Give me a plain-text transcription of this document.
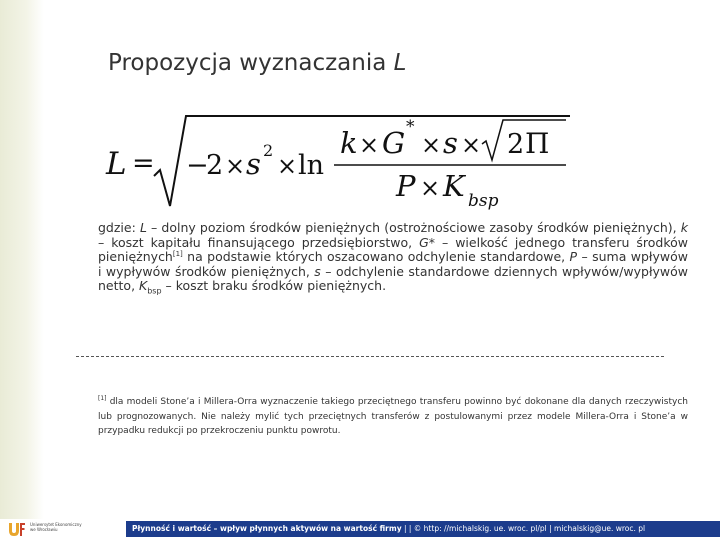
Propozycja wyznaczania L
L = −
2 × s 2
× ln
k × G *
× s × 2 Π
P × K bsp
gdzie: L – dolny poziom środków pieniężnych (ostrożnościowe zasoby środków pieniężnych), k – koszt kapitału finansującego przedsiębiorstwo, G* – wielkość jednego transferu środków pieniężnych[1] na podstawie których oszacowano odchylenie standardowe, P – suma wpływów i wypływów środków pieniężnych, s – odchylenie standardowe dziennych wpływów/wypływów netto, $K_{bsp}$ – koszt braku środków pieniężnych.
[1] dla modeli Stone’a i Millera-Orra wyznaczenie takiego przeciętnego transferu powinno być dokonane dla danych rzeczywistych lub prognozowanych. Nie należy mylić tych przeciętnych transferów z postulowanymi przez modele Millera-Orra i Stone’a w przypadku redukcji po przekroczeniu punktu powrotu.
Uniwersytet Ekonomiczny
we Wrocławiu	Płynność i wartość – wpływ płynnych aktywów na wartość firmy | | © http: //michalskig. ue. wroc. pl/pl | michalskig@ue. wroc. pl
